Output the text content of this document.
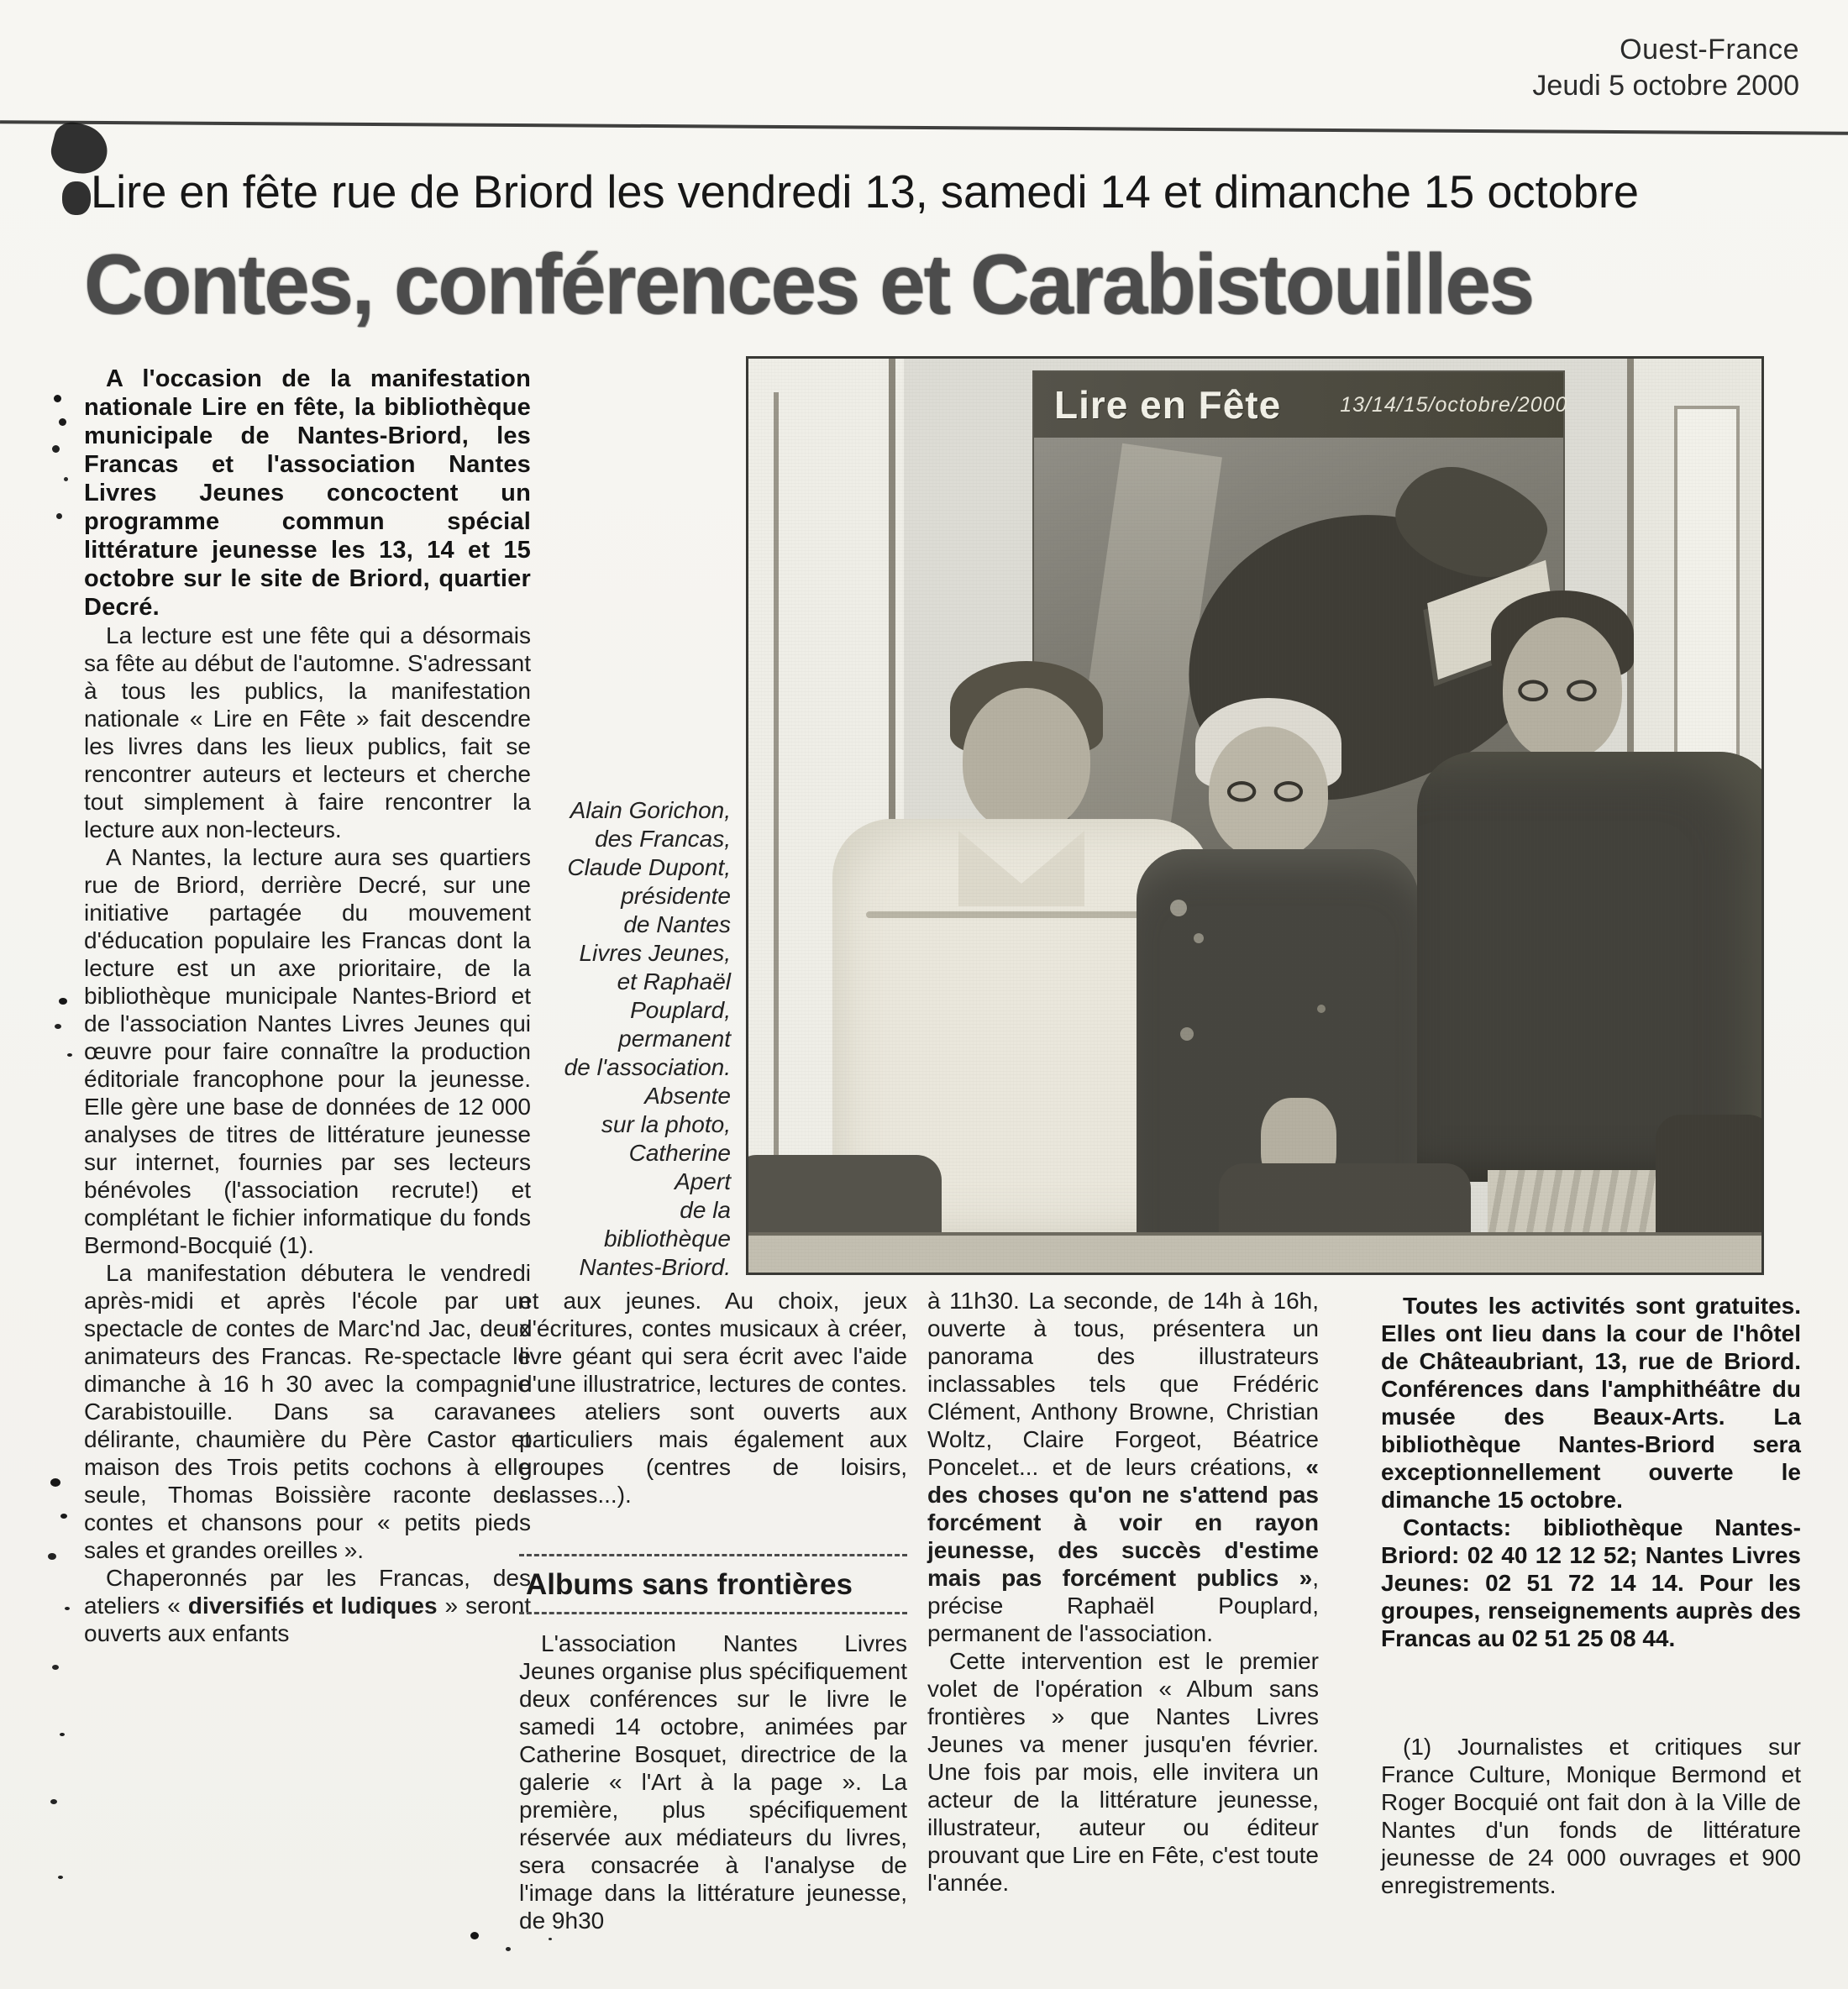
Ouest-France
Jeudi 5 octobre 2000
Lire en fête rue de Briord les vendredi 13, samedi 14 et dimanche 15 octobre
Contes, conférences et Carabistouilles

A l'occasion de la manifestation nationale Lire en fête, la bibliothèque municipale de Nantes-Briord, les Francas et l'association Nantes Livres Jeunes concoctent un programme commun spécial littérature jeunesse les 13, 14 et 15 octobre sur le site de Briord, quartier Decré.

La lecture est une fête qui a désormais sa fête au début de l'automne. S'adressant à tous les publics, la manifestation nationale « Lire en Fête » fait descendre les livres dans les lieux publics, fait se rencontrer auteurs et lecteurs et cherche tout simplement à faire rencontrer la lecture aux non-lecteurs.

A Nantes, la lecture aura ses quartiers rue de Briord, derrière Decré, sur une initiative partagée du mouvement d'éducation populaire les Francas dont la lecture est un axe prioritaire, de la bibliothèque municipale Nantes-Briord et de l'association Nantes Livres Jeunes qui œuvre pour faire connaître la production éditoriale francophone pour la jeunesse. Elle gère une base de données de 12 000 analyses de titres de littérature jeunesse sur internet, fournies par ses lecteurs bénévoles (l'association recrute!) et complétant le fichier informatique du fonds Bermond-Bocquié (1).

La manifestation débutera le vendredi après-midi et après l'école par un spectacle de contes de Marc'nd Jac, deux animateurs des Francas. Re-spectacle le dimanche à 16 h 30 avec la compagnie Carabistouille. Dans sa caravane délirante, chaumière du Père Castor et maison des Trois petits cochons à elle seule, Thomas Boissière raconte des contes et chansons pour « petits pieds sales et grandes oreilles ».

Chaperonnés par les Francas, des ateliers « diversifiés et ludiques » seront ouverts aux enfants

Alain Gorichon,
des Francas,
Claude Dupont,
présidente
de Nantes
Livres Jeunes,
et Raphaël
Pouplard,
permanent
de l'association.
Absente
sur la photo,
Catherine
Apert
de la
bibliothèque
Nantes-Briord.
Lire en Fête	13/14/15/octobre/2000

et aux jeunes. Au choix, jeux d'écritures, contes musicaux à créer, livre géant qui sera écrit avec l'aide d'une illustratrice, lectures de contes. ces ateliers sont ouverts aux particuliers mais également aux groupes (centres de loisirs, classes...).

Albums sans frontières

L'association Nantes Livres Jeunes organise plus spécifiquement deux conférences sur le livre le samedi 14 octobre, animées par Catherine Bosquet, directrice de la galerie « l'Art à la page ». La première, plus spécifiquement réservée aux médiateurs du livres, sera consacrée à l'analyse de l'image dans la littérature jeunesse, de 9h30

à 11h30. La seconde, de 14h à 16h, ouverte à tous, présentera un panorama des illustrateurs inclassables tels que Frédéric Clément, Anthony Browne, Christian Woltz, Claire Forgeot, Béatrice Poncelet... et de leurs créations, « des choses qu'on ne s'attend pas forcément à voir en rayon jeunesse, des succès d'estime mais pas forcément publics », précise Raphaël Pouplard, permanent de l'association.

Cette intervention est le premier volet de l'opération « Album sans frontières » que Nantes Livres Jeunes va mener jusqu'en février. Une fois par mois, elle invitera un acteur de la littérature jeunesse, illustrateur, auteur ou éditeur prouvant que Lire en Fête, c'est toute l'année.

Toutes les activités sont gratuites. Elles ont lieu dans la cour de l'hôtel de Châteaubriant, 13, rue de Briord. Conférences dans l'amphithéâtre du musée des Beaux-Arts. La bibliothèque Nantes-Briord sera exceptionnellement ouverte le dimanche 15 octobre.

Contacts: bibliothèque Nantes-Briord: 02 40 12 12 52; Nantes Livres Jeunes: 02 51 72 14 14. Pour les groupes, renseignements auprès des Francas au 02 51 25 08 44.

(1) Journalistes et critiques sur France Culture, Monique Bermond et Roger Bocquié ont fait don à la Ville de Nantes d'un fonds de littérature jeunesse de 24 000 ouvrages et 900 enregistrements.
